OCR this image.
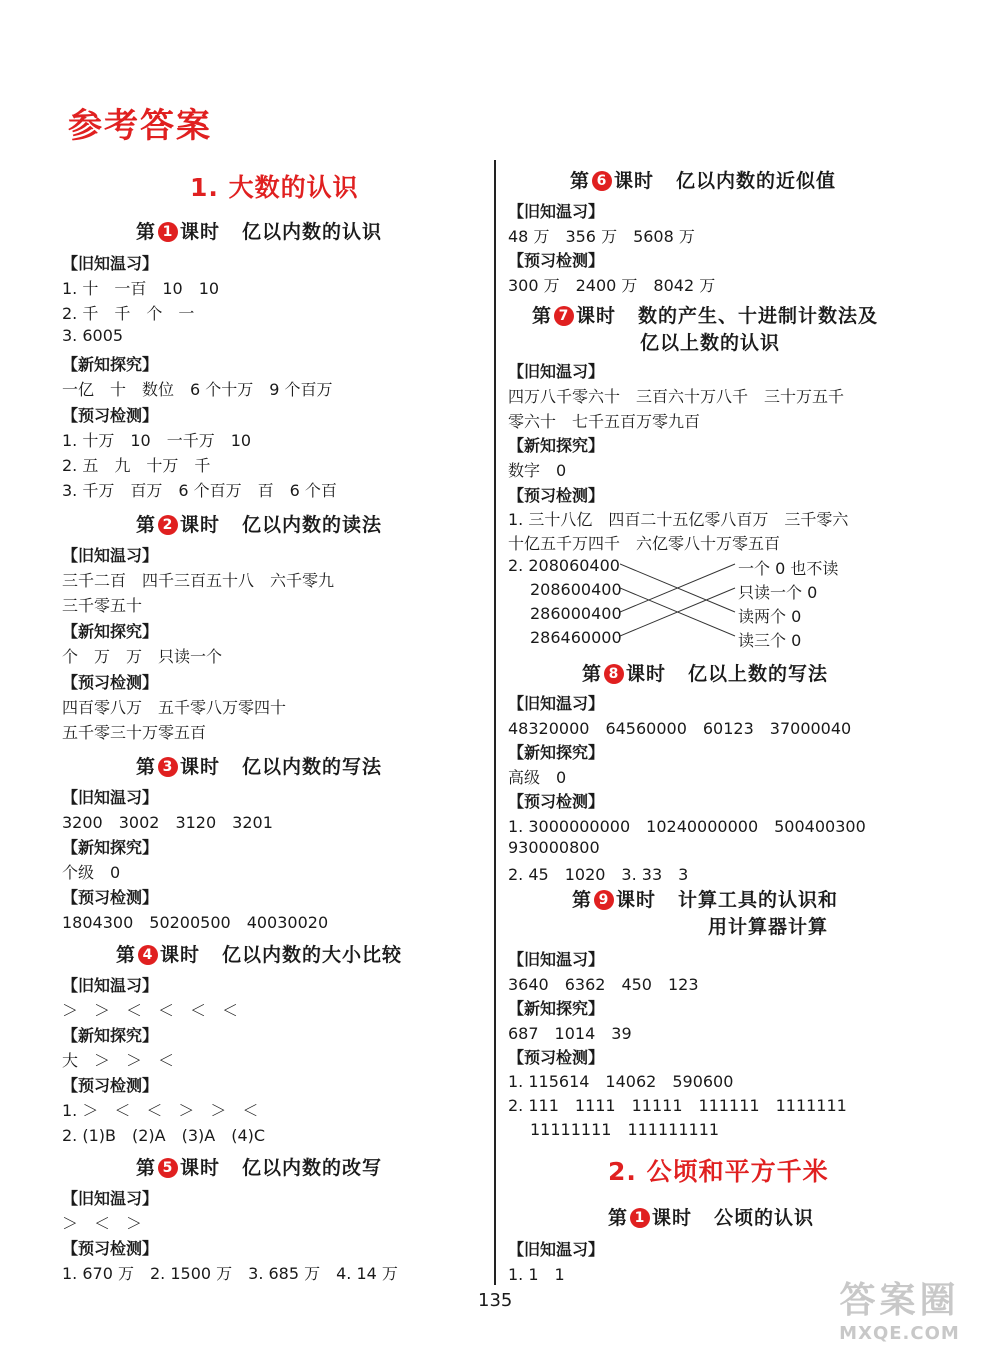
参考答案
1. 大数的认识
第 1 课时 亿以内数的认识
【旧知温习】
1. 十　一百　10　10
2. 千　千　个　一
3. 6005
【新知探究】
一亿　十　数位　6 个十万　9 个百万
【预习检测】
1. 十万　10　一千万　10
2. 五　九　十万　千
3. 千万　百万　6 个百万　百　6 个百
第 2 课时 亿以内数的读法
【旧知温习】
三千二百　四千三百五十八　六千零九
三千零五十
【新知探究】
个　万　万　只读一个
【预习检测】
四百零八万　五千零八万零四十
五千零三十万零五百
第 3 课时 亿以内数的写法
【旧知温习】
3200　3002　3120　3201
【新知探究】
个级　0
【预习检测】
1804300　50200500　40030020
第 4 课时 亿以内数的大小比较
【旧知温习】
＞　＞　＜　＜　＜　＜
【新知探究】
大　＞　＞　＜
【预习检测】
1. ＞　＜　＜　＞　＞　＜
2. (1)B　(2)A　(3)A　(4)C
第 5 课时 亿以内数的改写
【旧知温习】
＞　＜　＞
【预习检测】
1. 670 万　2. 1500 万　3. 685 万　4. 14 万
第 6 课时 亿以内数的近似值
【旧知温习】
48 万　356 万　5608 万
【预习检测】
300 万　2400 万　8042 万
第 7 课时 数的产生、十进制计数法及
亿以上数的认识
【旧知温习】
四万八千零六十　三百六十万八千　三十万五千
零六十　七千五百万零九百
【新知探究】
数字　0
【预习检测】
1. 三十八亿　四百二十五亿零八百万　三千零六
十亿五千万四千　六亿零八十万零五百
2. 208060400
208600400
286000400
286460000
一个 0 也不读
只读一个 0
读两个 0
读三个 0
第 8 课时 亿以上数的写法
【旧知温习】
48320000　64560000　60123　37000040
【新知探究】
高级　0
【预习检测】
1. 3000000000　10240000000　500400300
930000800
2. 45　1020　3. 33　3
第 9 课时 计算工具的认识和
用计算器计算
【旧知温习】
3640　6362　450　123
【新知探究】
687　1014　39
【预习检测】
1. 115614　14062　590600
2. 111　1111　11111　111111　1111111
11111111　111111111
2. 公顷和平方千米
第 1 课时 公顷的认识
【旧知温习】
1. 1　1
135	答案圈
MXQE.COM
